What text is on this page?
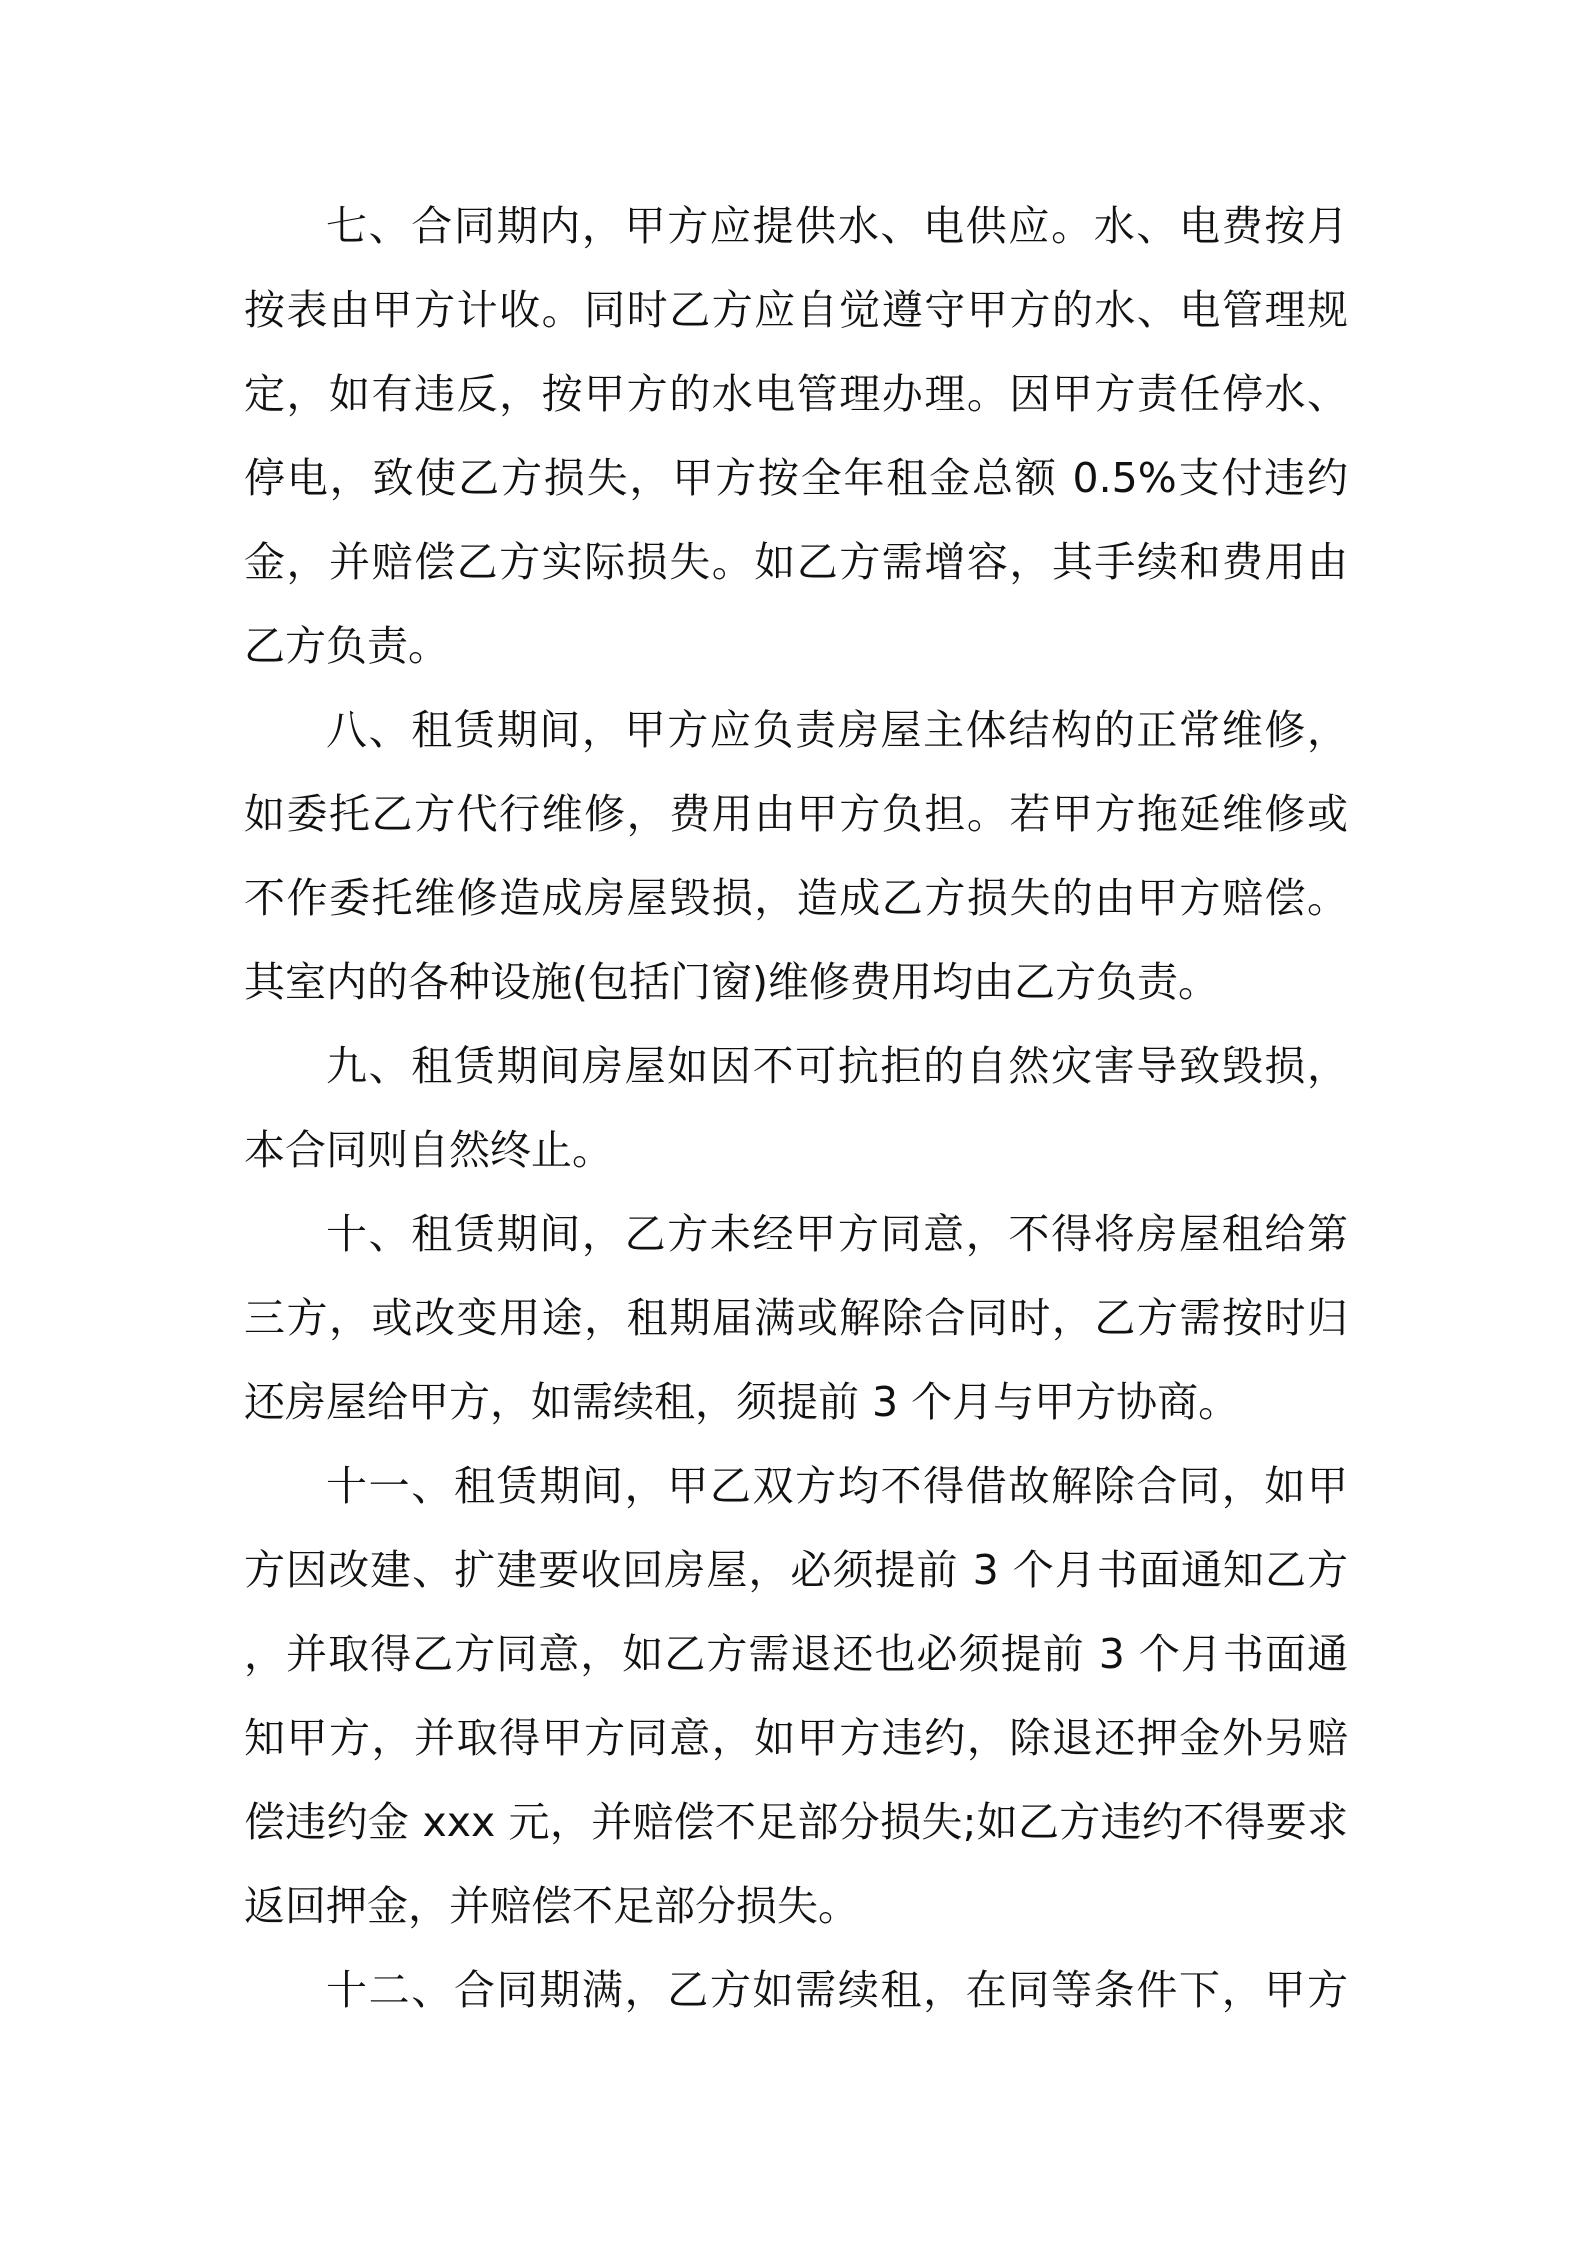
七、合同期内，甲方应提供水、电供应。水、电费按月
按表由甲方计收。同时乙方应自觉遵守甲方的水、电管理规
定，如有违反，按甲方的水电管理办理。因甲方责任停水、
停电，致使乙方损失，甲方按全年租金总额 0.5%支付违约
金，并赔偿乙方实际损失。如乙方需增容，其手续和费用由
乙方负责。
八、租赁期间，甲方应负责房屋主体结构的正常维修，
如委托乙方代行维修，费用由甲方负担。若甲方拖延维修或
不作委托维修造成房屋毁损，造成乙方损失的由甲方赔偿。
其室内的各种设施(包括门窗)维修费用均由乙方负责。
九、租赁期间房屋如因不可抗拒的自然灾害导致毁损，
本合同则自然终止。
十、租赁期间，乙方未经甲方同意，不得将房屋租给第
三方，或改变用途，租期届满或解除合同时，乙方需按时归
还房屋给甲方，如需续租，须提前 3 个月与甲方协商。
十一、租赁期间，甲乙双方均不得借故解除合同，如甲
方因改建、扩建要收回房屋，必须提前 3 个月书面通知乙方
，并取得乙方同意，如乙方需退还也必须提前 3 个月书面通
知甲方，并取得甲方同意，如甲方违约，除退还押金外另赔
偿违约金 xxx 元，并赔偿不足部分损失;如乙方违约不得要求
返回押金，并赔偿不足部分损失。
十二、合同期满，乙方如需续租，在同等条件下，甲方
